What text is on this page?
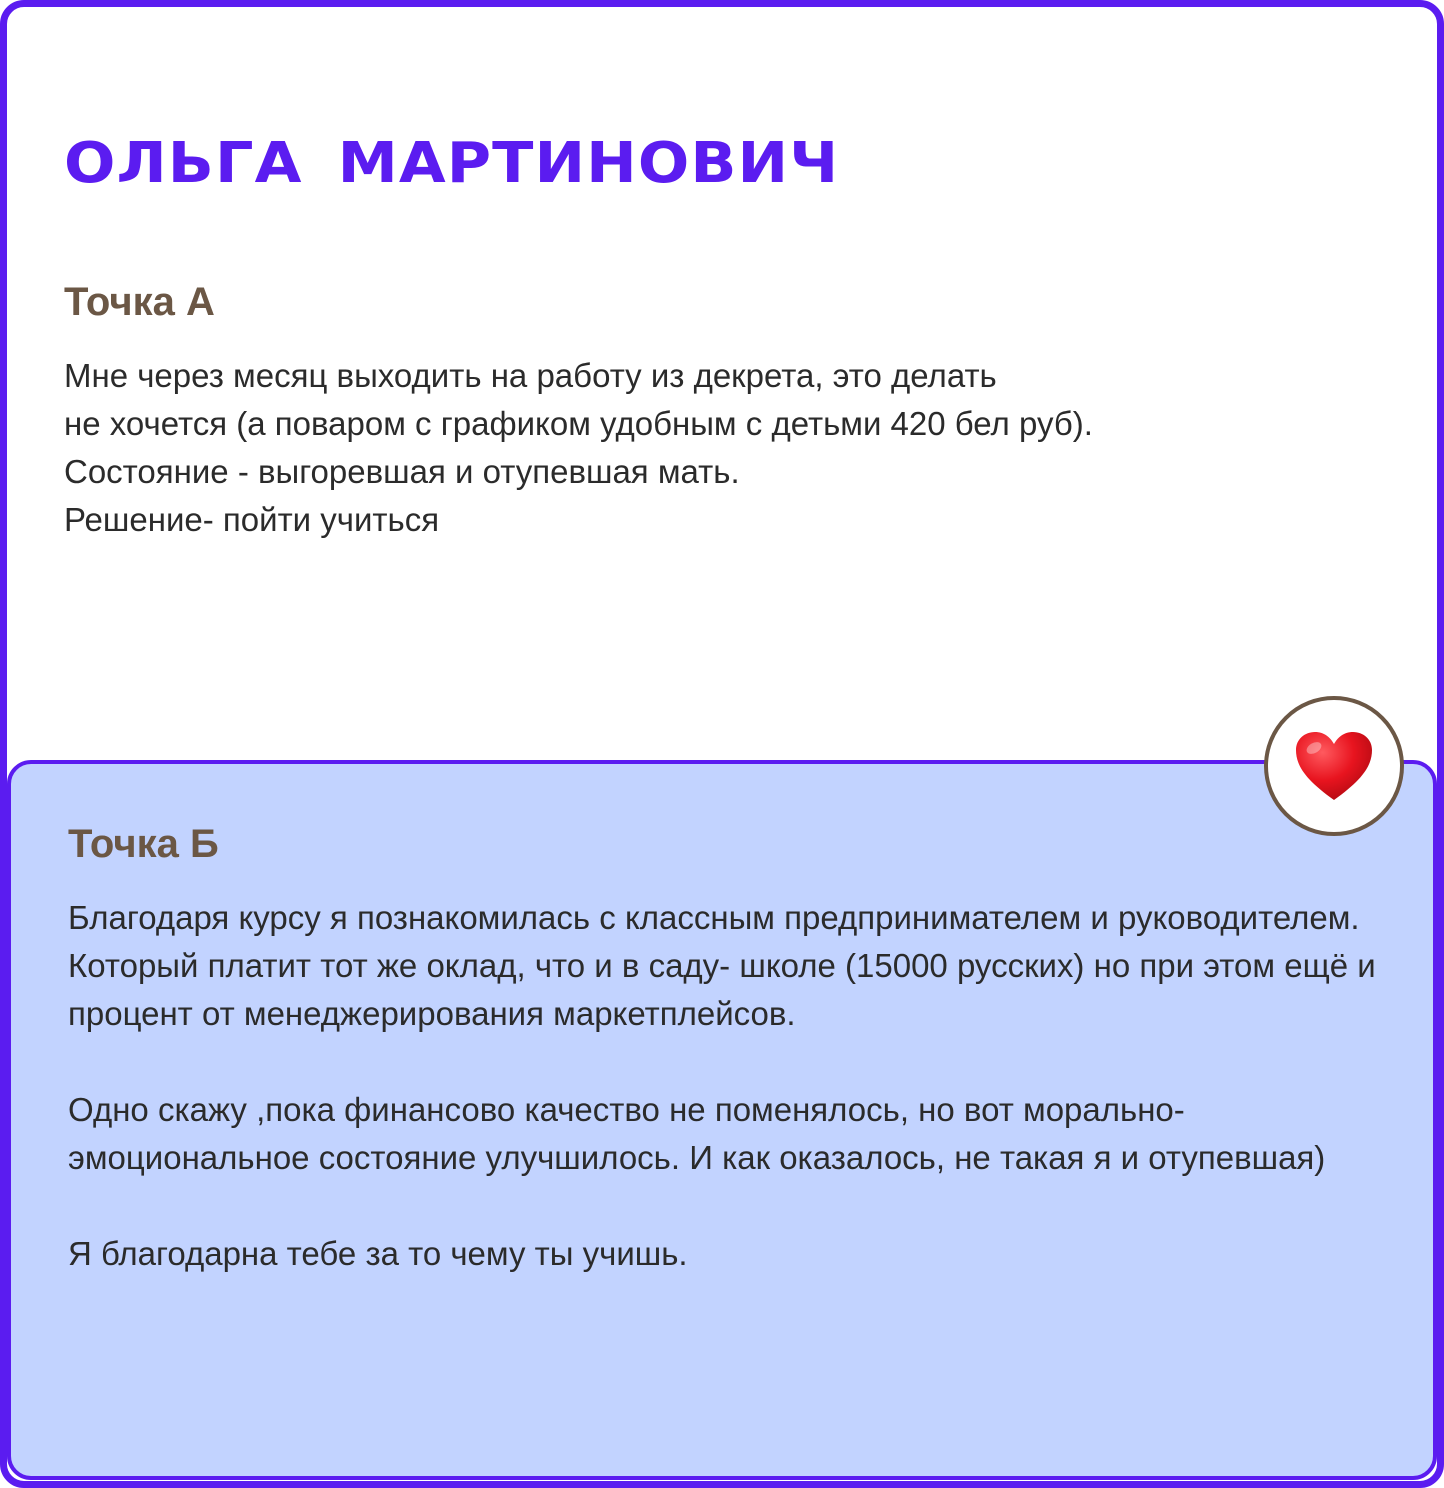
ОЛЬГА МАРТИНОВИЧ
Точка А
Мне через месяц выходить на работу из декрета, это делать
не хочется (а поваром с графиком удобным с детьми 420 бел руб).
Состояние - выгоревшая и отупевшая мать.
Решение- пойти учиться
Точка Б

Благодаря курсу я познакомилась с классным предпринимателем и руководителем. Который платит тот же оклад, что и в саду- школе (15000 русских) но при этом ещё и процент от менеджерирования маркетплейсов.

Одно скажу ,пока финансово качество не поменялось, но вот морально-эмоциональное состояние улучшилось. И как оказалось, не такая я и отупевшая)

Я благодарна тебе за то чему ты учишь.
